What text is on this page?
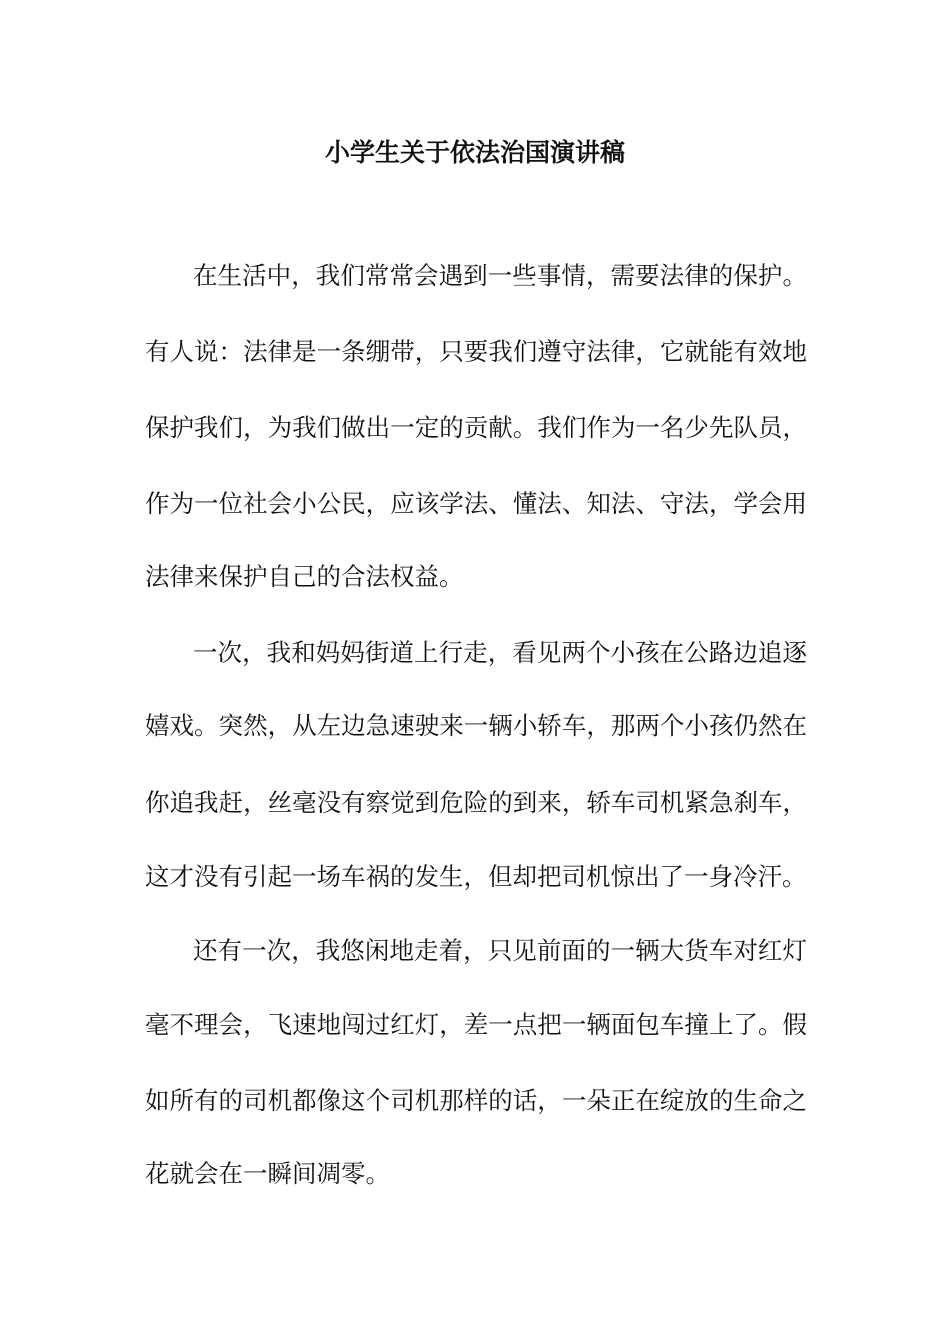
小学生关于依法治国演讲稿
在生活中，我们常常会遇到一些事情，需要法律的保护。
有人说：法律是一条绷带，只要我们遵守法律，它就能有效地
保护我们，为我们做出一定的贡献。我们作为一名少先队员，
作为一位社会小公民，应该学法、懂法、知法、守法，学会用
法律来保护自己的合法权益。
一次，我和妈妈街道上行走，看见两个小孩在公路边追逐
嬉戏。突然，从左边急速驶来一辆小轿车，那两个小孩仍然在
你追我赶，丝毫没有察觉到危险的到来，轿车司机紧急刹车，
这才没有引起一场车祸的发生，但却把司机惊出了一身冷汗。
还有一次，我悠闲地走着，只见前面的一辆大货车对红灯
毫不理会，飞速地闯过红灯，差一点把一辆面包车撞上了。假
如所有的司机都像这个司机那样的话，一朵正在绽放的生命之
花就会在一瞬间凋零。
